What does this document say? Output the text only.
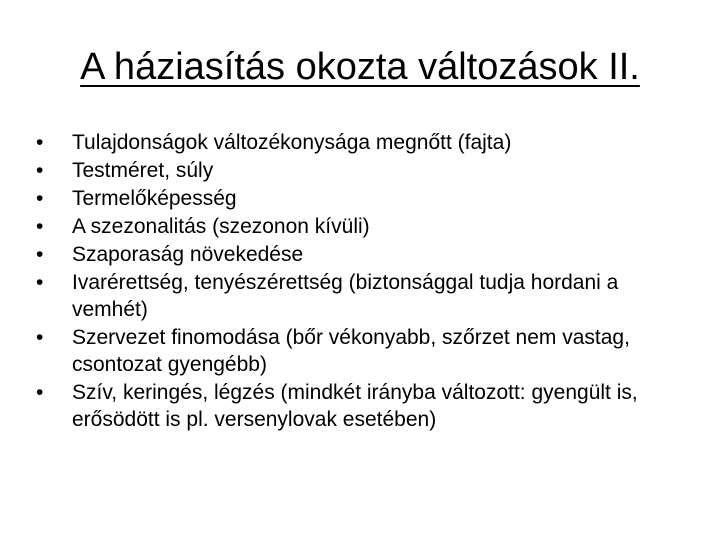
A háziasítás okozta változások II.
•	Tulajdonságok változékonysága megnőtt (fajta)
•	Testméret, súly
•	Termelőképesség
•	A szezonalitás (szezonon kívüli)
•	Szaporaság növekedése
•	Ivarérettség, tenyészérettség (biztonsággal tudja hordani a vemhét)
•	Szervezet finomodása (bőr vékonyabb, szőrzet nem vastag, csontozat gyengébb)
•	Szív, keringés, légzés (mindkét irányba változott: gyengült is, erősödött is pl. versenylovak esetében)
